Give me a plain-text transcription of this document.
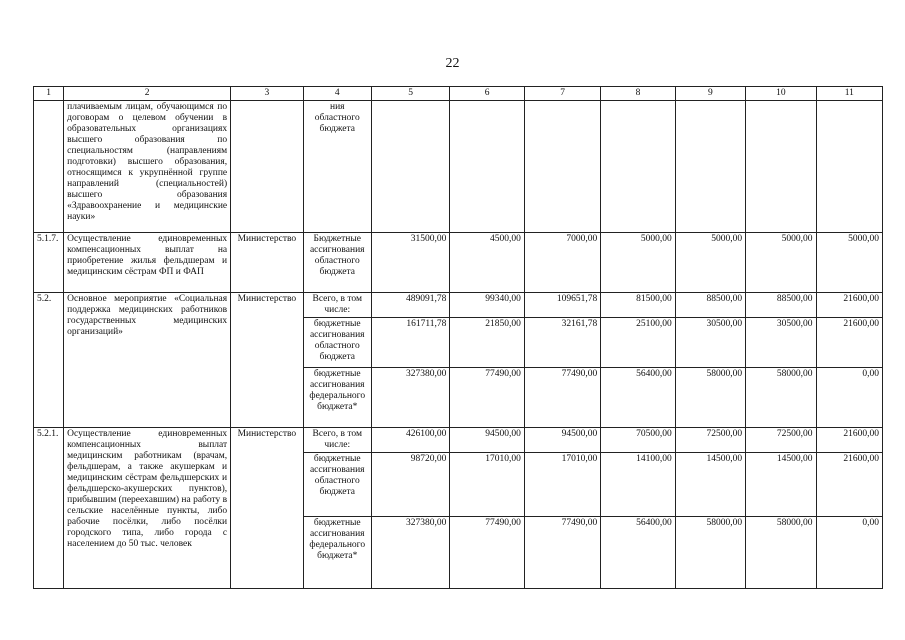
22
1	2	3	4	5	6	7	8	9	10	11
	плачиваемым лицам, обучающимся по договорам о целевом обучении в образовательных организациях высшего образования по специальностям (направлениям подготовки) высшего образования, относящимся к укрупнённой группе направлений (специальностей) высшего образования «Здравоохранение и медицинские науки»		ния областного бюджета							
5.1.7.	Осуществление единовременных компенсационных выплат на приобретение жилья фельдшерам и медицинским сёстрам ФП и ФАП	Министерство	Бюджетные ассигнования областного бюджета	31500,00	4500,00	7000,00	5000,00	5000,00	5000,00	5000,00
5.2.	Основное мероприятие «Социальная поддержка медицинских работников государственных медицинских организаций»	Министерство	Всего, в том числе:	489091,78	99340,00	109651,78	81500,00	88500,00	88500,00	21600,00
			бюджетные ассигнования областного бюджета	161711,78	21850,00	32161,78	25100,00	30500,00	30500,00	21600,00
			бюджетные ассигнования федерального бюджета*	327380,00	77490,00	77490,00	56400,00	58000,00	58000,00	0,00
5.2.1.	Осуществление единовременных компенсационных выплат медицинским работникам (врачам, фельдшерам, а также акушеркам и медицинским сёстрам фельдшерских и фельдшерско-акушерских пунктов), прибывшим (переехавшим) на работу в сельские населённые пункты, либо рабочие посёлки, либо посёлки городского типа, либо города с населением до 50 тыс. человек	Министерство	Всего, в том числе:	426100,00	94500,00	94500,00	70500,00	72500,00	72500,00	21600,00
			бюджетные ассигнования областного бюджета	98720,00	17010,00	17010,00	14100,00	14500,00	14500,00	21600,00
			бюджетные ассигнования федерального бюджета*	327380,00	77490,00	77490,00	56400,00	58000,00	58000,00	0,00
